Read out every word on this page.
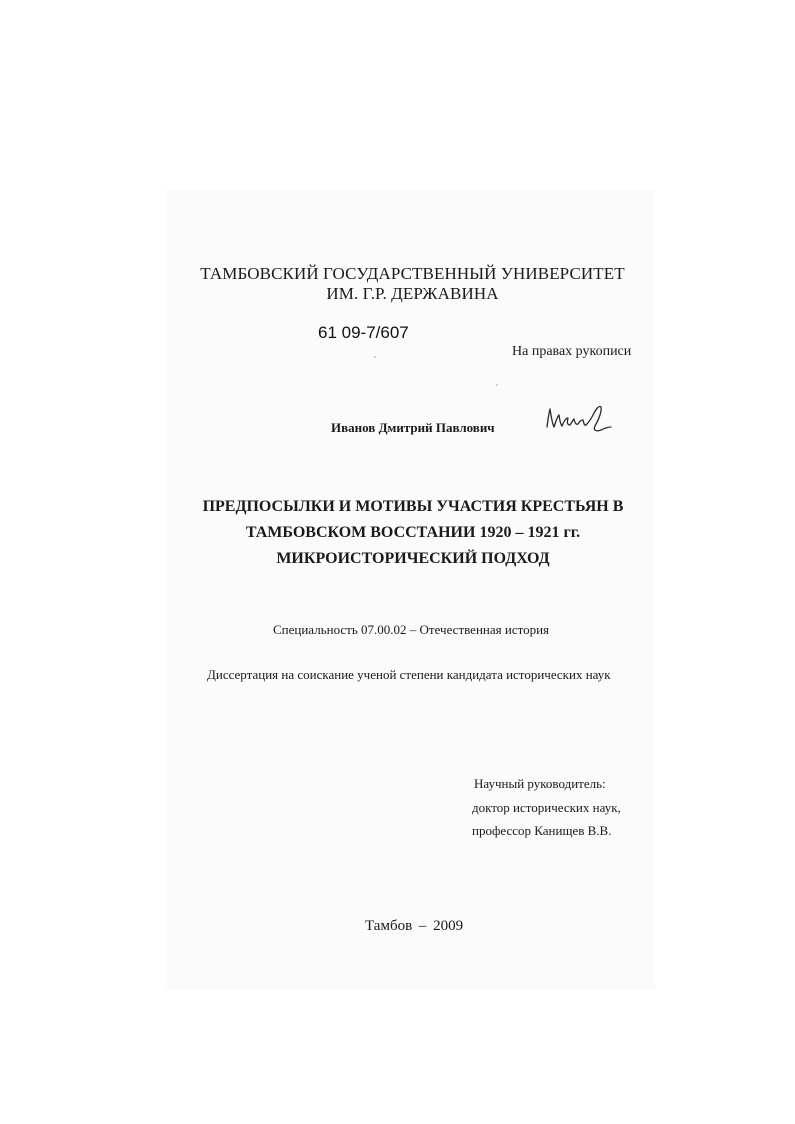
ТАМБОВСКИЙ ГОСУДАРСТВЕННЫЙ УНИВЕРСИТЕТ
ИМ. Г.Р. ДЕРЖАВИНА
61 09-7/607
На правах рукописи
Иванов Дмитрий Павлович
ПРЕДПОСЫЛКИ И МОТИВЫ УЧАСТИЯ КРЕСТЬЯН В
ТАМБОВСКОМ ВОССТАНИИ 1920 – 1921 гг.
МИКРОИСТОРИЧЕСКИЙ ПОДХОД
Специальность 07.00.02 – Отечественная история
Диссертация на соискание ученой степени кандидата исторических наук
Научный руководитель:
доктор исторических наук,
профессор Канищев В.В.
Тамбов – 2009
